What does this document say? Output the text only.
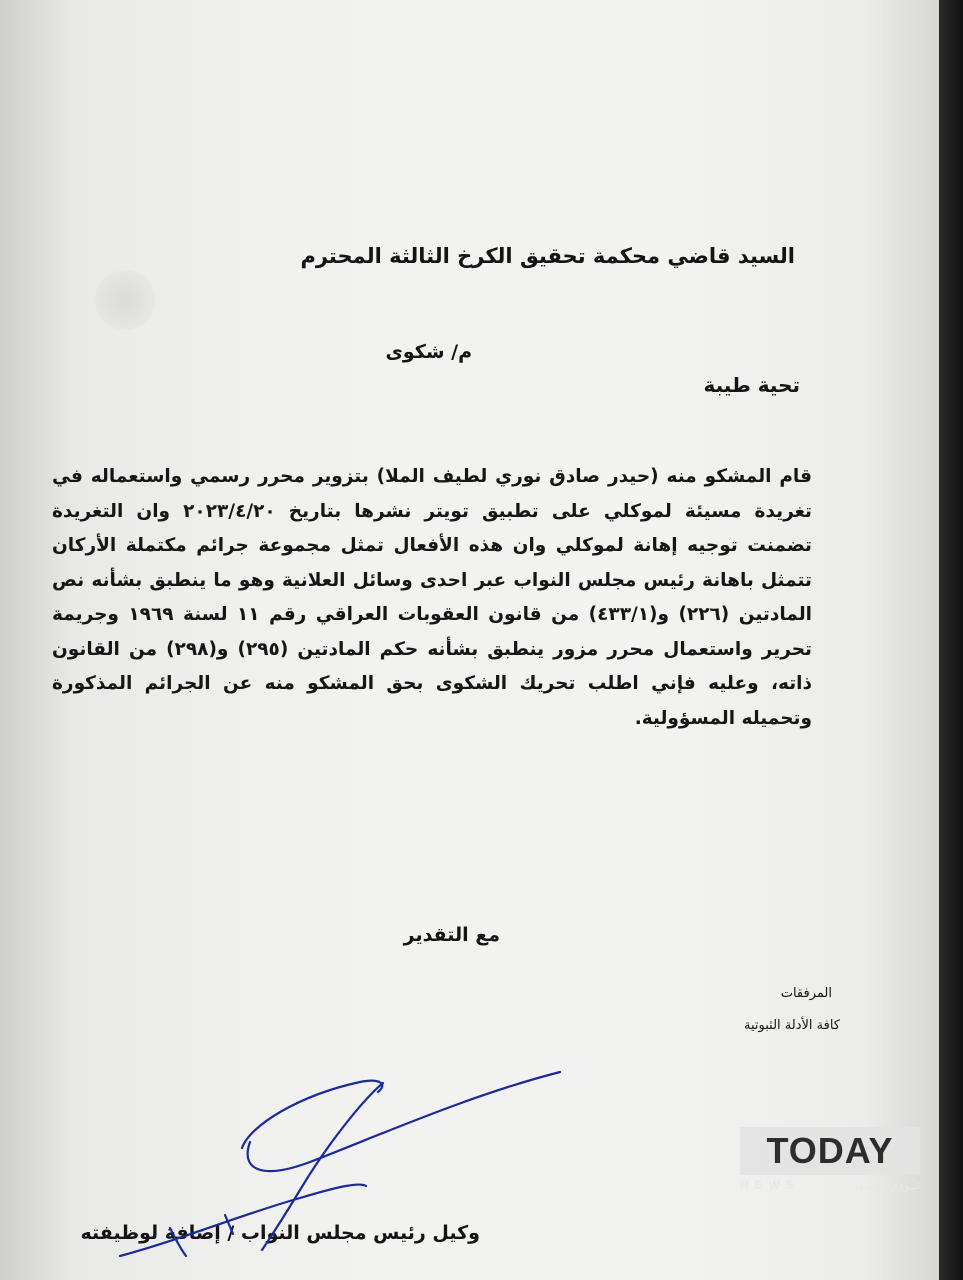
السيد قاضي محكمة تحقيق الكرخ الثالثة المحترم
م/ شكوى
تحية طيبة
قام المشكو منه (حيدر صادق نوري لطيف الملا) بتزوير محرر رسمي واستعماله في تغريدة مسيئة لموكلي على تطبيق تويتر نشرها بتاريخ ٢٠٢٣/٤/٢٠ وان التغريدة تضمنت توجيه إهانة لموكلي وان هذه الأفعال تمثل مجموعة جرائم مكتملة الأركان تتمثل باهانة رئيس مجلس النواب عبر احدى وسائل العلانية وهو ما ينطبق بشأنه نص المادتين (٢٢٦) و(٤٣٣/١) من قانون العقوبات العراقي رقم ١١ لسنة ١٩٦٩ وجريمة تحرير واستعمال محرر مزور ينطبق بشأنه حكم المادتين (٢٩٥) و(٢٩٨) من القانون ذاته، وعليه فإني اطلب تحريك الشكوى بحق المشكو منه عن الجرائم المذكورة وتحميله المسؤولية.
مع التقدير
المرفقات
كافة الأدلة الثبوتية
وكيل رئيس مجلس النواب / إضافة لوظيفته
TODAY
NEWS	تــودي نــيــوز
